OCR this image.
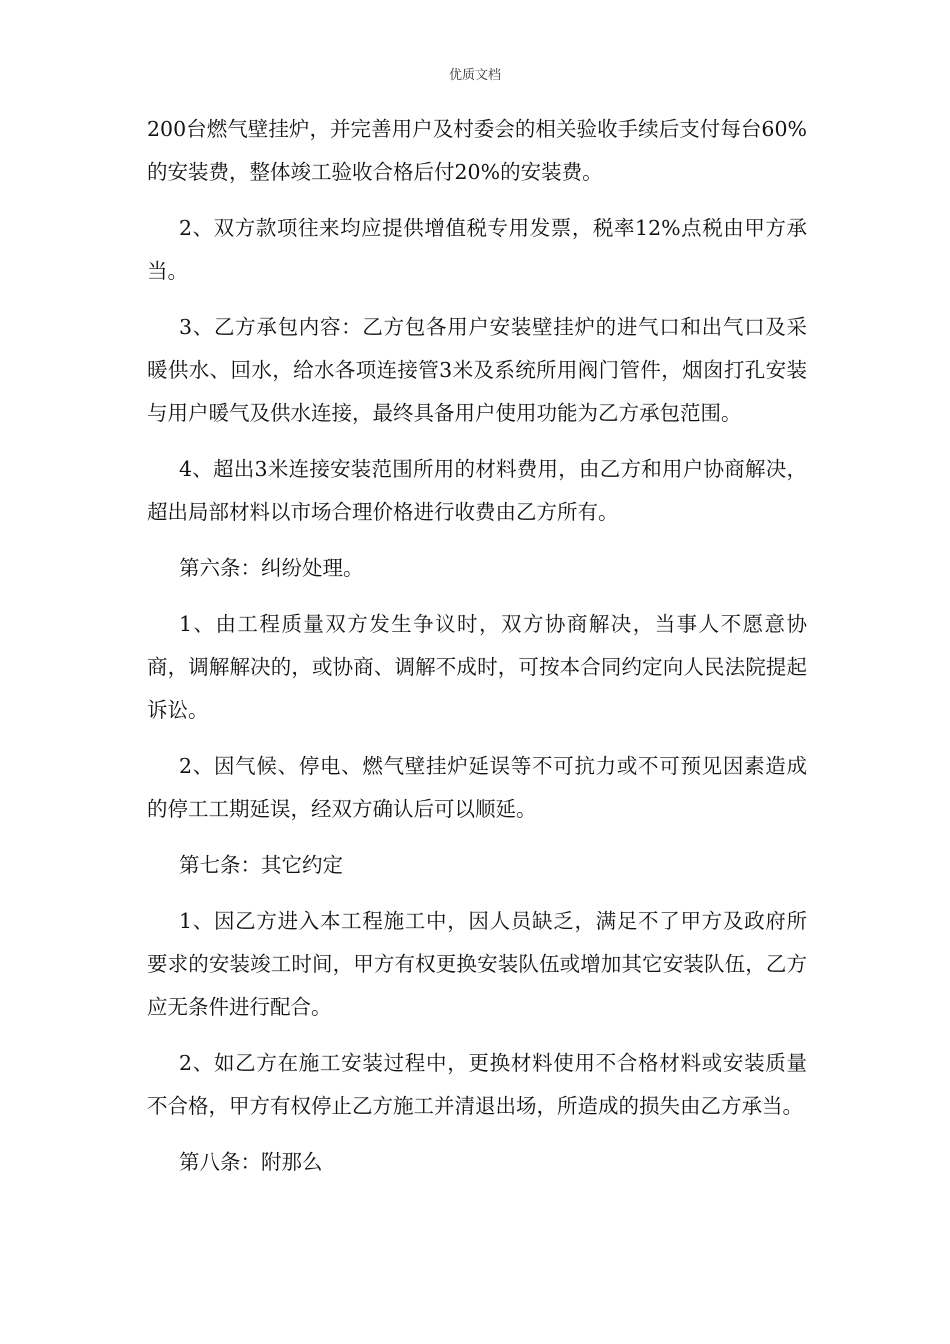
优质文档

200台燃气壁挂炉，并完善用户及村委会的相关验收手续后支付每台60%的安装费，整体竣工验收合格后付20%的安装费。

2、双方款项往来均应提供增值税专用发票，税率12%点税由甲方承当。

3、乙方承包内容：乙方包各用户安装壁挂炉的进气口和出气口及采暖供水、回水，给水各项连接管3米及系统所用阀门管件，烟囱打孔安装与用户暖气及供水连接，最终具备用户使用功能为乙方承包范围。

4、超出3米连接安装范围所用的材料费用，由乙方和用户协商解决，超出局部材料以市场合理价格进行收费由乙方所有。

第六条：纠纷处理。

1、由工程质量双方发生争议时，双方协商解决，当事人不愿意协商，调解解决的，或协商、调解不成时，可按本合同约定向人民法院提起诉讼。

2、因气候、停电、燃气壁挂炉延误等不可抗力或不可预见因素造成的停工工期延误，经双方确认后可以顺延。

第七条：其它约定

1、因乙方进入本工程施工中，因人员缺乏，满足不了甲方及政府所要求的安装竣工时间，甲方有权更换安装队伍或增加其它安装队伍，乙方应无条件进行配合。

2、如乙方在施工安装过程中，更换材料使用不合格材料或安装质量不合格，甲方有权停止乙方施工并清退出场，所造成的损失由乙方承当。

第八条：附那么
